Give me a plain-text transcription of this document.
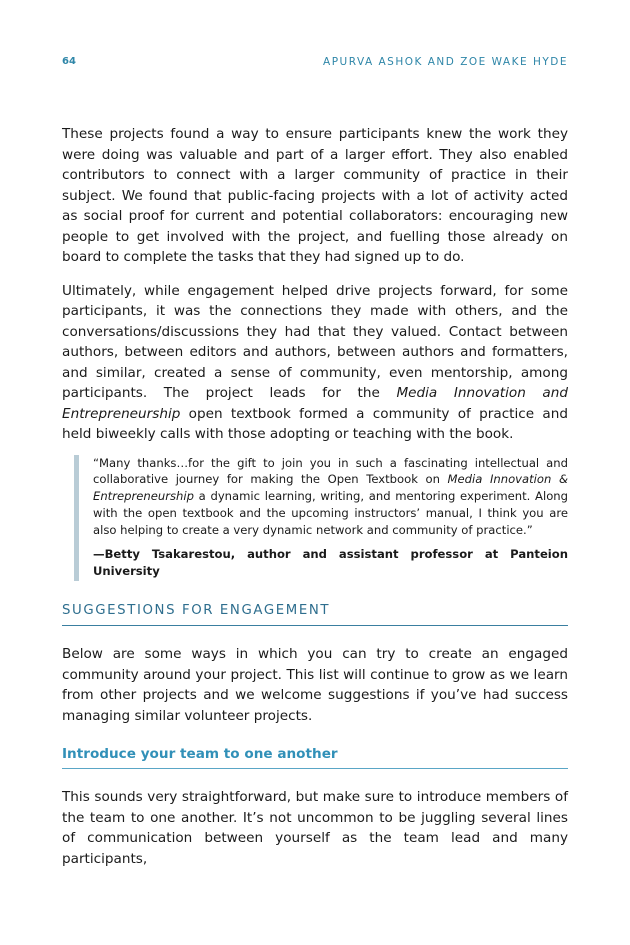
64	APURVA ASHOK AND ZOE WAKE HYDE

These projects found a way to ensure participants knew the work they were doing was valuable and part of a larger effort. They also enabled contributors to connect with a larger community of practice in their subject. We found that public-facing projects with a lot of activity acted as social proof for current and potential collaborators: encouraging new people to get involved with the project, and fuelling those already on board to complete the tasks that they had signed up to do.

Ultimately, while engagement helped drive projects forward, for some participants, it was the connections they made with others, and the conversations/discussions they had that they valued. Contact between authors, between editors and authors, between authors and formatters, and similar, created a sense of community, even mentorship, among participants. The project leads for the Media Innovation and Entrepreneurship open textbook formed a community of practice and held biweekly calls with those adopting or teaching with the book.

“Many thanks…for the gift to join you in such a fascinating intellectual and collaborative journey for making the Open Textbook on Media Innovation & Entrepreneurship a dynamic learning, writing, and mentoring experiment. Along with the open textbook and the upcoming instructors’ manual, I think you are also helping to create a very dynamic network and community of practice.”

—Betty Tsakarestou, author and assistant professor at Panteion University

SUGGESTIONS FOR ENGAGEMENT

Below are some ways in which you can try to create an engaged community around your project. This list will continue to grow as we learn from other projects and we welcome suggestions if you’ve had success managing similar volunteer projects.

Introduce your team to one another

This sounds very straightforward, but make sure to introduce members of the team to one another. It’s not uncommon to be juggling several lines of communication between yourself as the team lead and many participants,
